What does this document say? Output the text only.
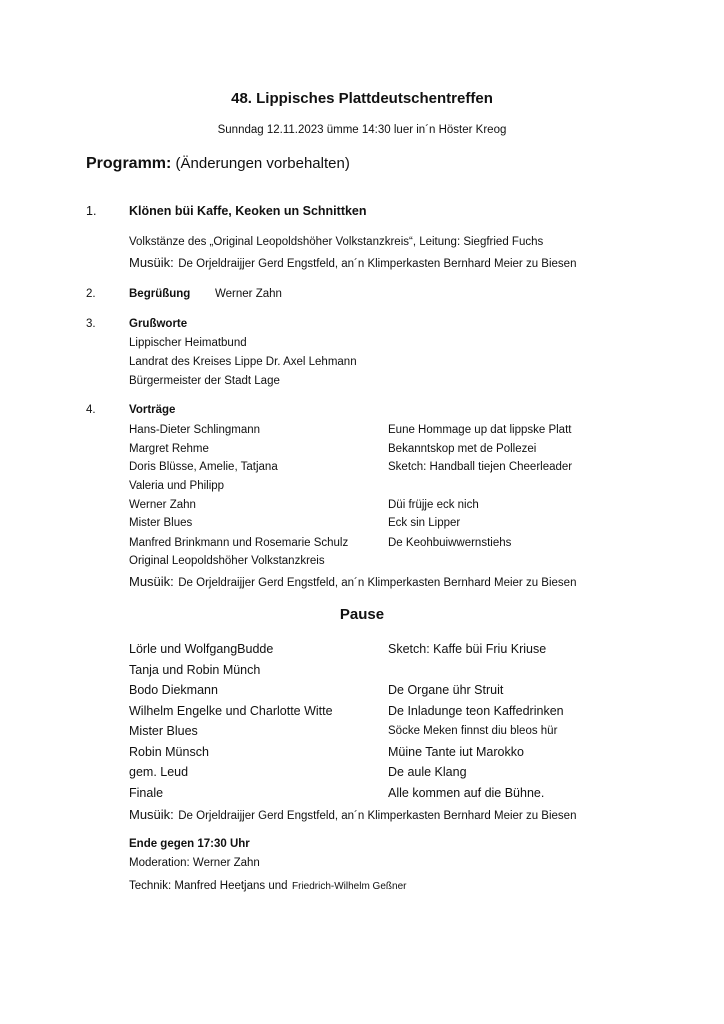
48. Lippisches Plattdeutschentreffen
Sunndag 12.11.2023 ümme 14:30 luer in´n Höster Kreog
Programm: (Änderungen vorbehalten)
1.	Klönen büi Kaffe, Keoken un Schnittken
Volkstänze des „Original Leopoldshöher Volkstanzkreis“, Leitung: Siegfried Fuchs
Musüik: De Orjeldraijjer Gerd Engstfeld, an´n Klimperkasten Bernhard Meier zu Biesen
2.	Begrüßung Werner Zahn
3.	Grußworte
Lippischer Heimatbund
Landrat des Kreises Lippe Dr. Axel Lehmann
Bürgermeister der Stadt Lage
4.	Vorträge
Hans-Dieter Schlingmann	Eune Hommage up dat lippske Platt
Margret Rehme	Bekanntskop met de Pollezei
Doris Blüsse, Amelie, Tatjana	Sketch: Handball tiejen Cheerleader
Valeria und Philipp
Werner Zahn	Düi früjje eck nich
Mister Blues	Eck sin Lipper
Manfred Brinkmann und Rosemarie Schulz	De Keohbuiwwernstiehs
Original Leopoldshöher Volkstanzkreis
Musüik: De Orjeldraijjer Gerd Engstfeld, an´n Klimperkasten Bernhard Meier zu Biesen
Pause
Lörle und WolfgangBudde	Sketch: Kaffe büi Friu Kriuse
Tanja und Robin Münch
Bodo Diekmann	De Organe ühr Struit
Wilhelm Engelke und Charlotte Witte	De Inladunge teon Kaffedrinken
Mister Blues	Söcke Meken finnst diu bleos hür
Robin Münsch	Müine Tante iut Marokko
gem. Leud	De aule Klang
Finale	Alle kommen auf die Bühne.
Musüik: De Orjeldraijjer Gerd Engstfeld, an´n Klimperkasten Bernhard Meier zu Biesen
Ende gegen 17:30 Uhr
Moderation: Werner Zahn
Technik: Manfred Heetjans und Friedrich-Wilhelm Geßner
